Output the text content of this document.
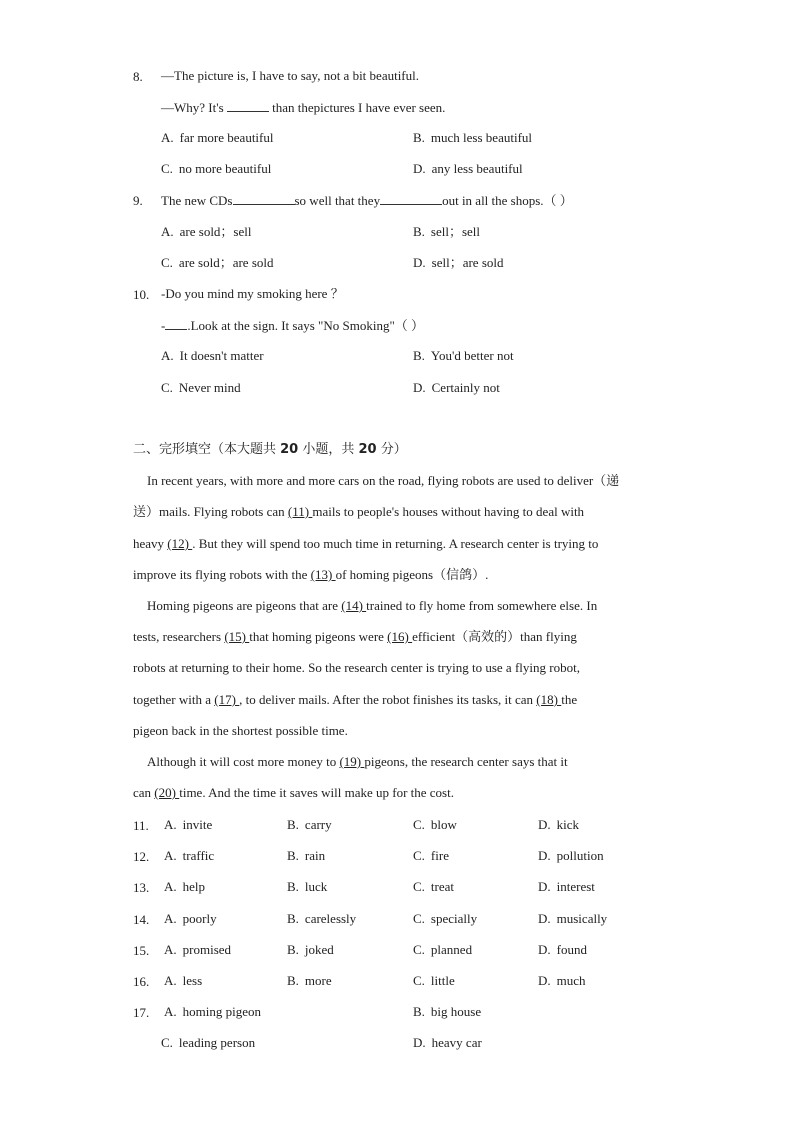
8. —The picture is, I have to say, not a bit beautiful.
—Why? It's	than thepictures I have ever seen.
A. far more beautiful	B. much less beautiful
C. no more beautiful	D. any less beautiful
9. The new CDs	so well that they	out in all the shops.（ ）
A. are sold；sell	B. sell；sell
C. are sold；are sold	D. sell；are sold
10. -Do you mind my smoking here ？
- .Look at the sign. It says "No Smoking"（ ）
A. It doesn't matter	B. You'd better not
C. Never mind	D. Certainly not
二、完形填空（本大题共 20 小题，共 20 分）
In recent years, with more and more cars on the road, flying robots are used to deliver（递
送）mails. Flying robots can (11) mails to people's houses without having to deal with
heavy (12) . But they will spend too much time in returning. A research center is trying to
improve its flying robots with the (13) of homing pigeons（信鸽）.
Homing pigeons are pigeons that are (14) trained to fly home from somewhere else. In
tests, researchers (15) that homing pigeons were (16) efficient（高效的）than flying
robots at returning to their home. So the research center is trying to use a flying robot,
together with a (17) , to deliver mails. After the robot finishes its tasks, it can (18) the
pigeon back in the shortest possible time.
Although it will cost more money to (19) pigeons, the research center says that it
can (20) time. And the time it saves will make up for the cost.
11. A. invite	B. carry	C. blow	D. kick
12. A. traffic	B. rain	C. fire	D. pollution
13. A. help	B. luck	C. treat	D. interest
14. A. poorly	B. carelessly	C. specially	D. musically
15. A. promised	B. joked	C. planned	D. found
16. A. less	B. more	C. little	D. much
17. A. homing pigeon	B. big house
C. leading person	D. heavy car
